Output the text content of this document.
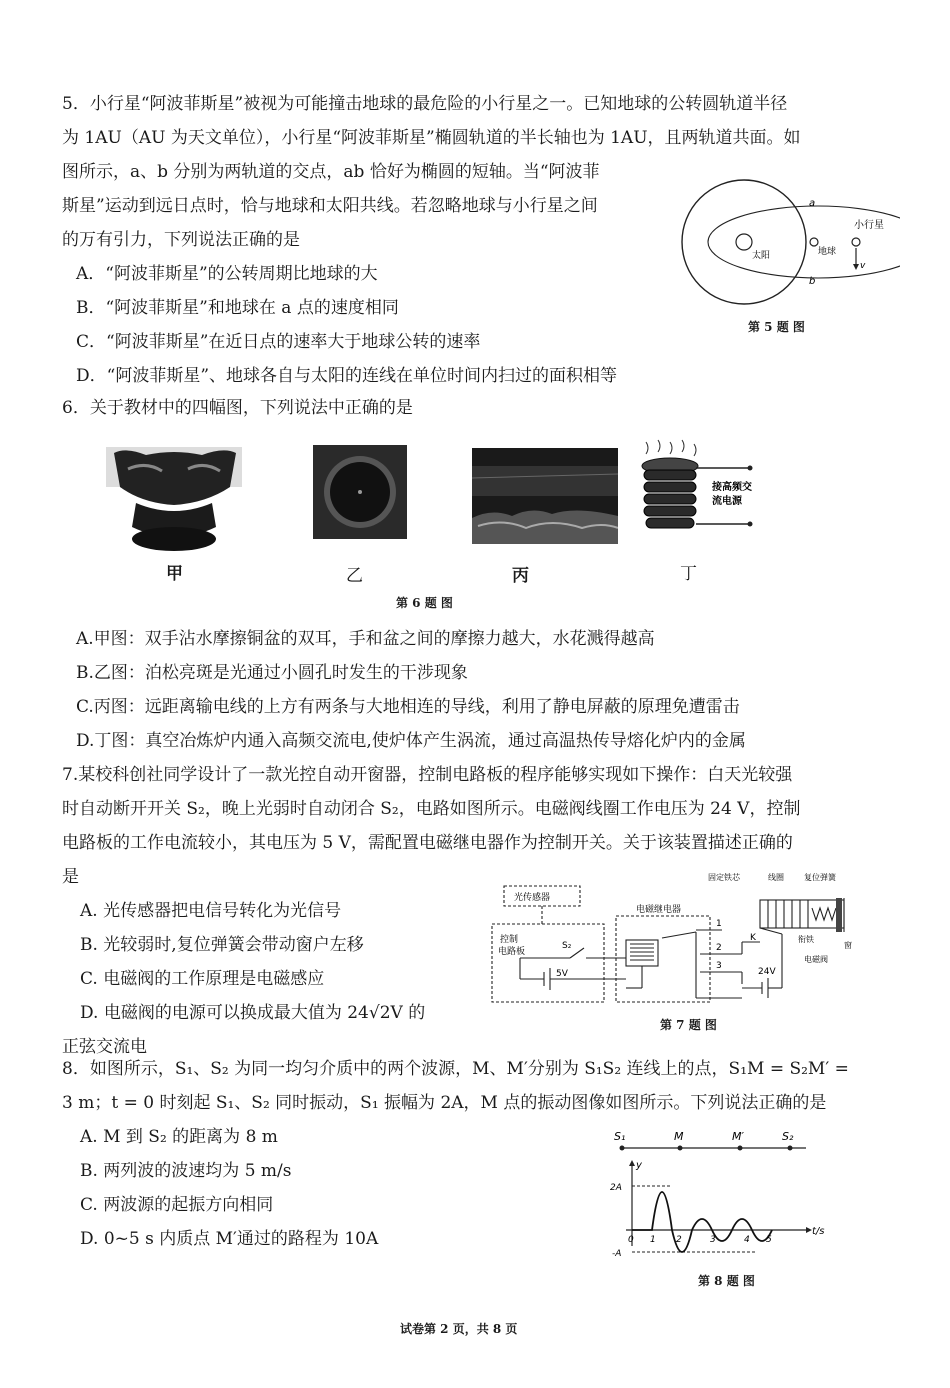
5．小行星“阿波菲斯星”被视为可能撞击地球的最危险的小行星之一。已知地球的公转圆轨道半径
为 1AU（AU 为天文单位），小行星“阿波菲斯星”椭圆轨道的半长轴也为 1AU，且两轨道共面。如
图所示，a、b 分别为两轨道的交点，ab 恰好为椭圆的短轴。当“阿波菲
斯星”运动到远日点时，恰与地球和太阳共线。若忽略地球与小行星之间
的万有引力，下列说法正确的是
A．“阿波菲斯星”的公转周期比地球的大
B．“阿波菲斯星”和地球在 a 点的速度相同
C．“阿波菲斯星”在近日点的速率大于地球公转的速率
D．“阿波菲斯星”、地球各自与太阳的连线在单位时间内扫过的面积相等
太阳	地球
v
小行星
a
b
第 5 题 图
6．关于教材中的四幅图，下列说法中正确的是
接高频交
流电源
甲	乙	丙	丁
第 6 题 图
A.甲图：双手沾水摩擦铜盆的双耳，手和盆之间的摩擦力越大，水花溅得越高
B.乙图：泊松亮斑是光通过小圆孔时发生的干涉现象
C.丙图：远距离输电线的上方有两条与大地相连的导线，利用了静电屏蔽的原理免遭雷击
D.丁图：真空冶炼炉内通入高频交流电,使炉体产生涡流，通过高温热传导熔化炉内的金属
7.某校科创社同学设计了一款光控自动开窗器，控制电路板的程序能够实现如下操作：白天光较强
时自动断开开关 S₂，晚上光弱时自动闭合 S₂，电路如图所示。电磁阀线圈工作电压为 24 V，控制
电路板的工作电流较小，其电压为 5 V，需配置电磁继电器作为控制开关。关于该装置描述正确的
是
A. 光传感器把电信号转化为光信号
B. 光较弱时,复位弹簧会带动窗户左移
C. 电磁阀的工作原理是电磁感应
D. 电磁阀的电源可以换成最大值为 24√2V 的
正弦交流电
光传感器
控制
电路板
S₂
5V
电磁继电器
1
2
3
K
24V
固定铁芯	线圈	复位弹簧
衔铁
电磁阀
窗
第 7 题 图
8．如图所示，S₁、S₂ 为同一均匀介质中的两个波源，M、M′分别为 S₁S₂ 连线上的点，S₁M = S₂M′ =
3 m；t = 0 时刻起 S₁、S₂ 同时振动，S₁ 振幅为 2A，M 点的振动图像如图所示。下列说法正确的是
A. M 到 S₂ 的距离为 8 m
B. 两列波的波速均为 5 m/s
C. 两波源的起振方向相同
D. 0~5 s 内质点 M′通过的路程为 10A
S₁	M	M′	S₂
y
t/s
2A
-A
0 1 2	3	4 5
第 8 题 图
试卷第 2 页，共 8 页
